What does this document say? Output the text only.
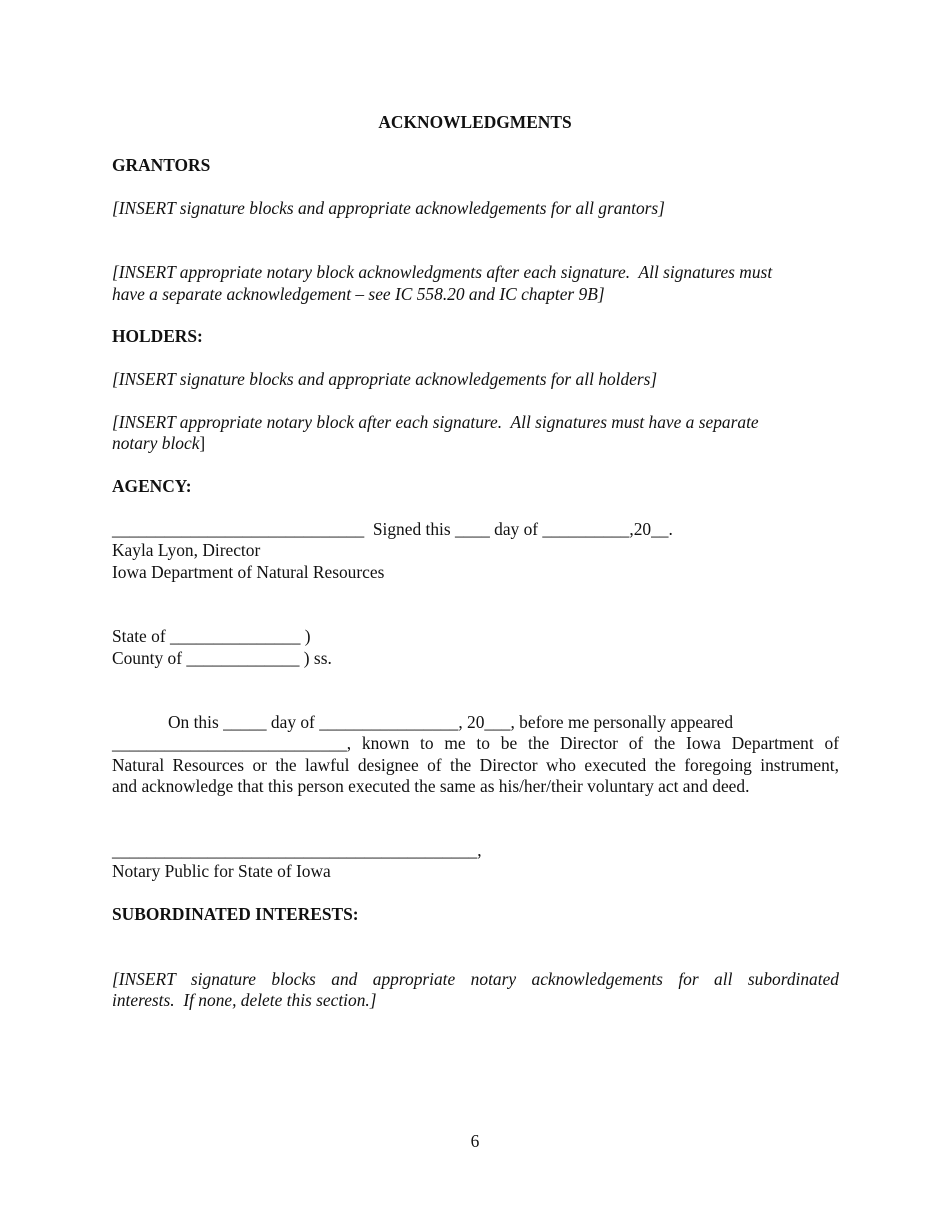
ACKNOWLEDGMENTS
GRANTORS
[INSERT signature blocks and appropriate acknowledgements for all grantors]
[INSERT appropriate notary block acknowledgments after each signature.  All signatures must
have a separate acknowledgement – see IC 558.20 and IC chapter 9B]
HOLDERS:
[INSERT signature blocks and appropriate acknowledgements for all holders]
[INSERT appropriate notary block after each signature.  All signatures must have a separate
notary block]
AGENCY:
_____________________________  Signed this ____ day of __________,20__.
Kayla Lyon, Director
Iowa Department of Natural Resources
State of _______________ )
County of _____________ ) ss.
On this _____ day of ________________, 20___, before me personally appeared
___________________________, known to me to be the Director of the Iowa Department of
Natural Resources or the lawful designee of the Director who executed the foregoing instrument,
and acknowledge that this person executed the same as his/her/their voluntary act and deed.
__________________________________________,
Notary Public for State of Iowa
SUBORDINATED INTERESTS:
[INSERT signature blocks and appropriate notary acknowledgements for all subordinated
interests.  If none, delete this section.]
6
